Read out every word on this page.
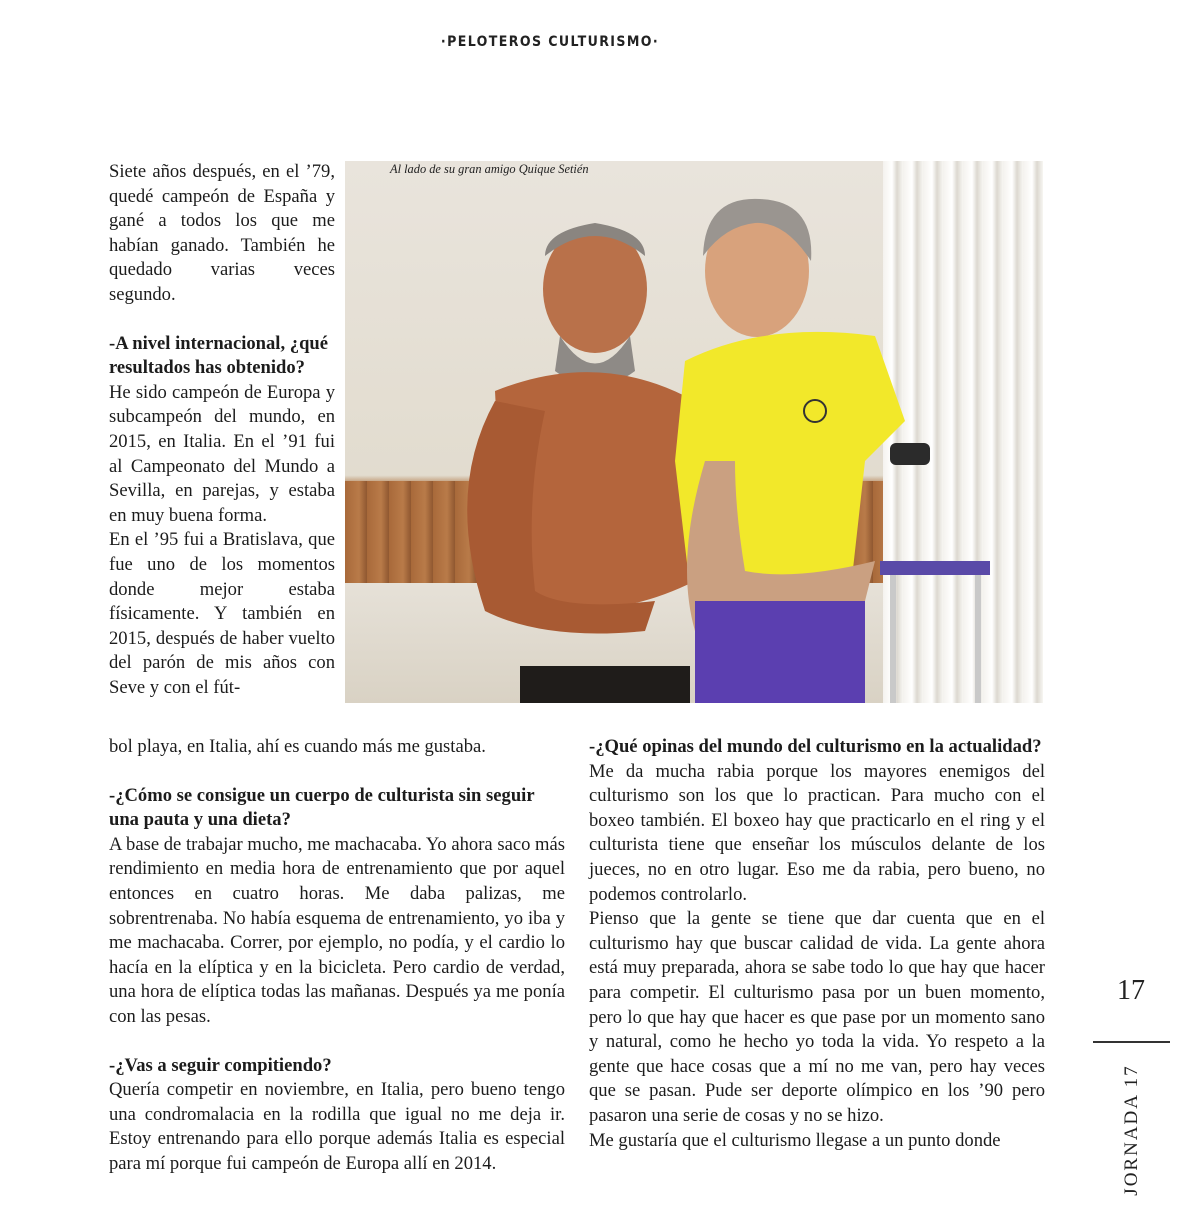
·PELOTEROS CULTURISMO·

Siete años después, en el ’79, quedé campeón de España y gané a todos los que me habían ganado. También he quedado varias veces segundo.

-A nivel internacional, ¿qué resultados has obtenido?

He sido campeón de Europa y subcampeón del mundo, en 2015, en Italia. En el ’91 fui al Campeonato del Mundo a Sevilla, en parejas, y estaba en muy buena forma.

En el ’95 fui a Bratislava, que fue uno de los momentos donde mejor estaba físicamente. Y también en 2015, después de haber vuelto del parón de mis años con Seve y con el fút-

Al lado de su gran amigo Quique Setién

bol playa, en Italia, ahí es cuando más me gustaba.

-¿Cómo se consigue un cuerpo de culturista sin seguir una pauta y una dieta?

A base de trabajar mucho, me machacaba. Yo ahora saco más rendimiento en media hora de entrenamiento que por aquel entonces en cuatro horas. Me daba palizas, me sobrentrenaba. No había esquema de entrenamiento, yo iba y me machacaba. Correr, por ejemplo, no podía, y el cardio lo hacía en la elíptica y en la bicicleta. Pero cardio de verdad, una hora de elíptica todas las mañanas. Después ya me ponía con las pesas.

-¿Vas a seguir compitiendo?

Quería competir en noviembre, en Italia, pero bueno tengo una condromalacia en la rodilla que igual no me deja ir. Estoy entrenando para ello porque además Italia es especial para mí porque fui campeón de Europa allí en 2014.

-¿Qué opinas del mundo del culturismo en la actualidad?

Me da mucha rabia porque los mayores enemigos del culturismo son los que lo practican. Para mucho con el boxeo también. El boxeo hay que practicarlo en el ring y el culturista tiene que enseñar los músculos delante de los jueces, no en otro lugar. Eso me da rabia, pero bueno, no podemos controlarlo.

Pienso que la gente se tiene que dar cuenta que en el culturismo hay que buscar calidad de vida. La gente ahora está muy preparada, ahora se sabe todo lo que hay que hacer para competir. El culturismo pasa por un buen momento, pero lo que hay que hacer es que pase por un momento sano y natural, como he hecho yo toda la vida. Yo respeto a la gente que hace cosas que a mí no me van, pero hay veces que se pasan. Pude ser deporte olímpico en los ’90 pero pasaron una serie de cosas y no se hizo.

Me gustaría que el culturismo llegase a un punto donde

17
JORNADA 17
